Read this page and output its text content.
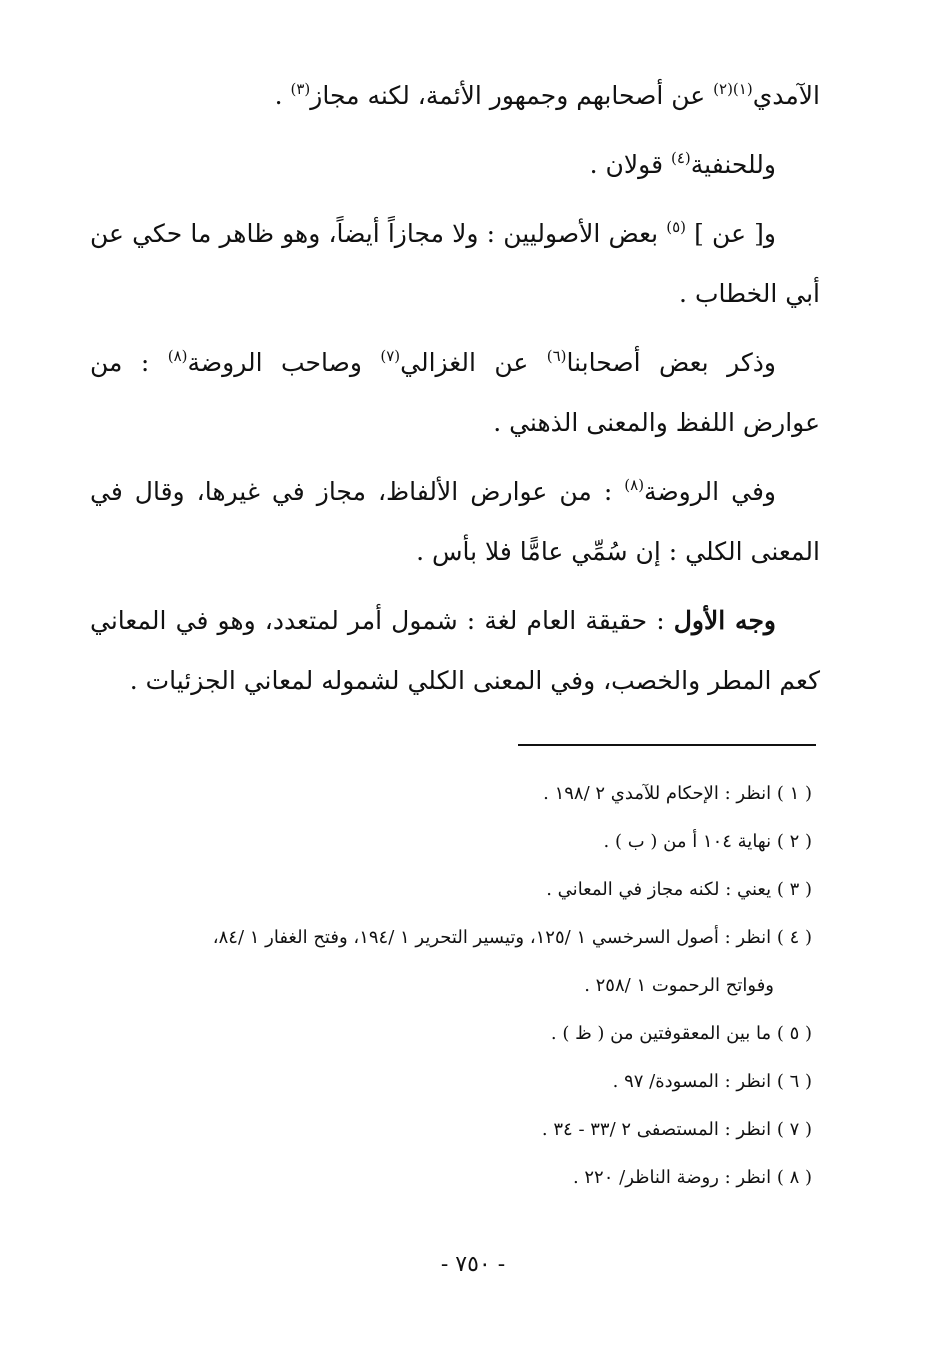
الآمدي$^{(١)(٢)}$ عن أصحابهم وجمهور الأئمة، لكنه مجاز$^{(٣)}$ .

وللحنفية$^{(٤)}$ قولان .

و[ عن ] $^{(٥)}$ بعض الأصوليين : ولا مجازاً أيضاً، وهو ظاهر ما حكي عن أبي الخطاب .

وذكر بعض أصحابنا$^{(٦)}$ عن الغزالي$^{(٧)}$ وصاحب الروضة$^{(٨)}$ : من عوارض اللفظ والمعنى الذهني .

وفي الروضة$^{(٨)}$ : من عوارض الألفاظ، مجاز في غيرها، وقال في المعنى الكلي : إن سُمِّي عامًّا فلا بأس .

وجه الأول : حقيقة العام لغة : شمول أمر لمتعدد، وهو في المعاني كعم المطر والخصب، وفي المعنى الكلي لشموله لمعاني الجزئيات .

( ١ ) انظر : الإحكام للآمدي ٢ /١٩٨ .

( ٢ ) نهاية ١٠٤ أ من ( ب ) .

( ٣ ) يعني : لكنه مجاز في المعاني .

( ٤ ) انظر : أصول السرخسي ١ /١٢٥، وتيسير التحرير ١ /١٩٤، وفتح الغفار ١ /٨٤،

وفواتح الرحموت ١ /٢٥٨ .

( ٥ ) ما بين المعقوفتين من ( ظ ) .

( ٦ ) انظر : المسودة/ ٩٧ .

( ٧ ) انظر : المستصفى ٢ /٣٣ - ٣٤ .

( ٨ ) انظر : روضة الناظر/ ٢٢٠ .

- ٧٥٠ -
